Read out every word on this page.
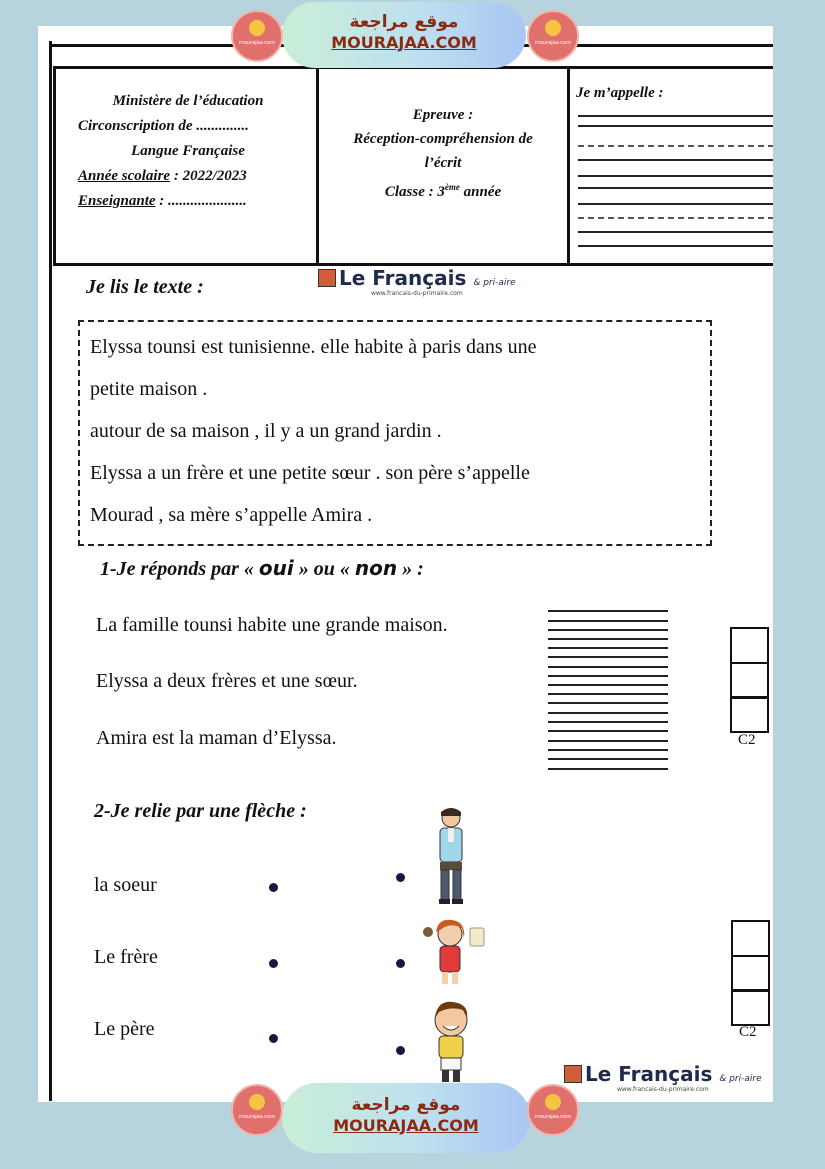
mourajaa.com
موقع مراجعة
MOURAJAA.COM	mourajaa.com

Ministère de l’éducation

Circonscription de ..............

Langue Française

Année scolaire : 2022/2023

Enseignante : .....................

Epreuve :
Réception-compréhension de
l’écrit
Classe : 3ème année
Je m’appelle :
Je lis le texte :	Le Français & pri-aire
www.francais-du-primaire.com

Elyssa tounsi est tunisienne. elle habite à paris dans une

petite maison .

autour de sa maison , il y a un grand jardin .

Elyssa a un frère et une petite sœur . son père s’appelle

Mourad , sa mère s’appelle Amira .

1-Je réponds par « oui » ou « non » :
La famille tounsi habite une grande maison.
Elyssa a deux frères et une sœur.
Amira est la maman d’Elyssa.	C2
2-Je relie par une flèche :
la soeur
Le frère
Le père	C2
Le Français & pri-aire
www.francais-du-primaire.com
mourajaa.com
موقع مراجعة
MOURAJAA.COM	mourajaa.com
